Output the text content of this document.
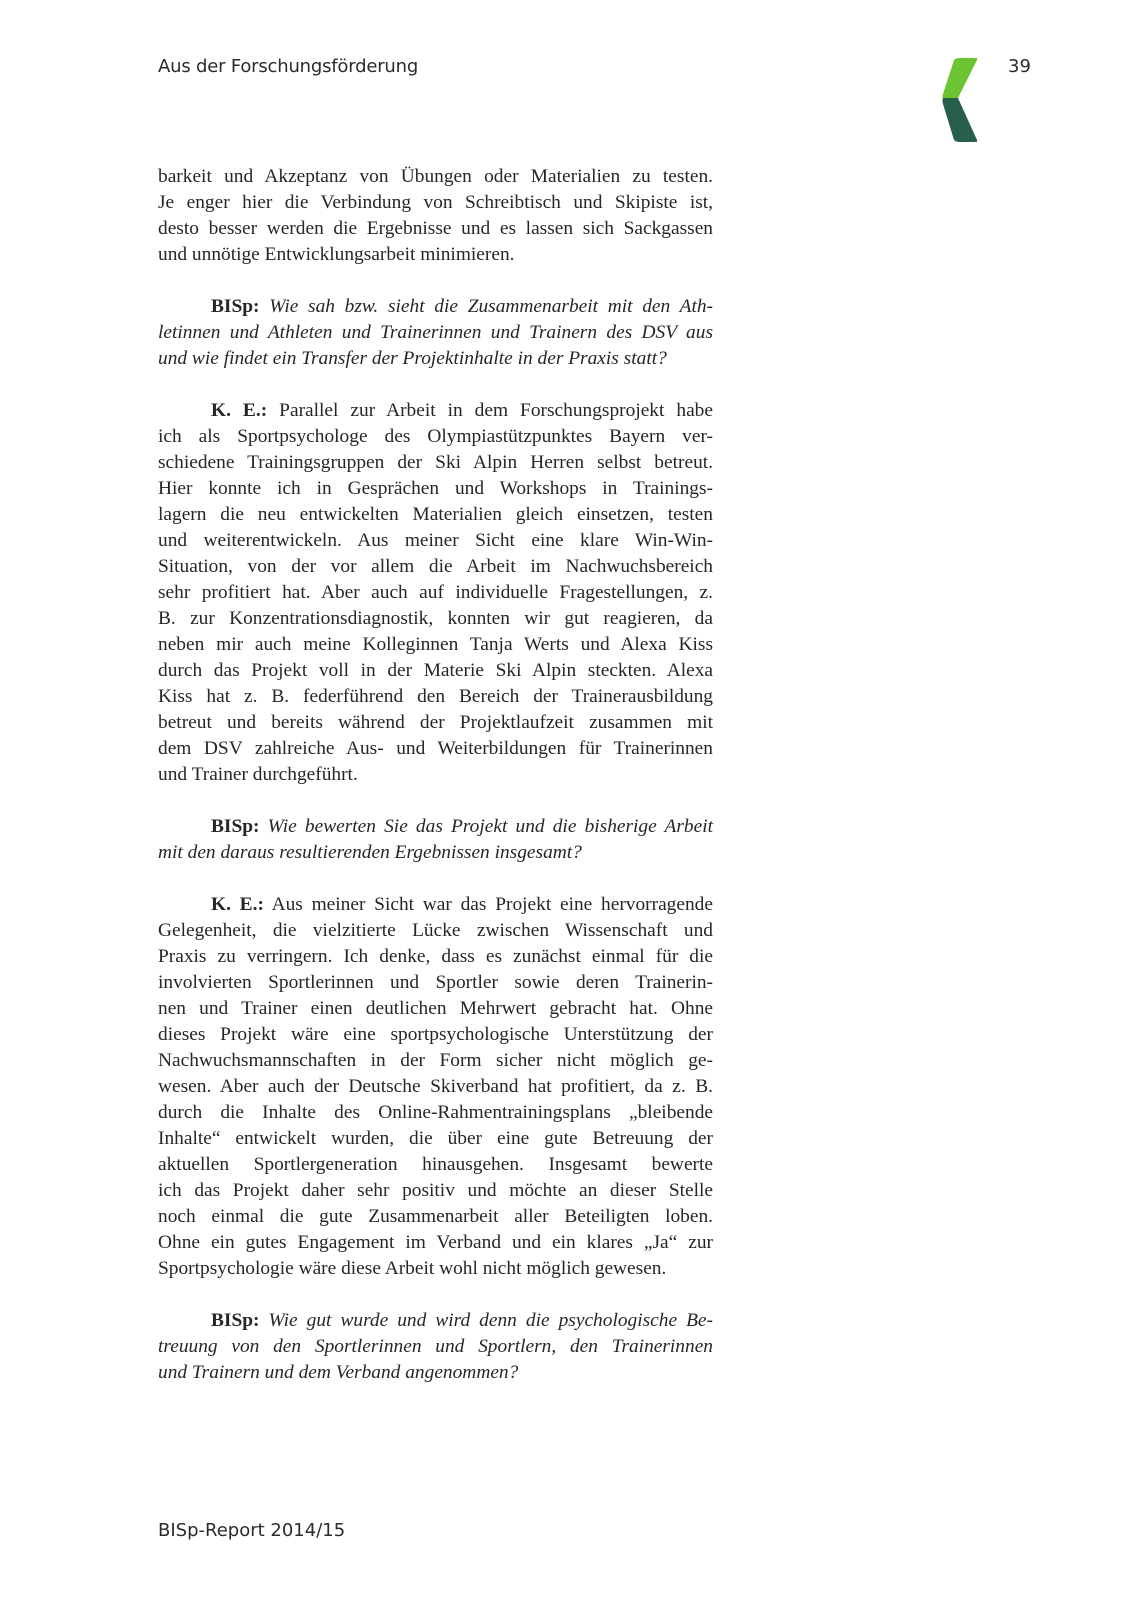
Aus der Forschungsförderung	39
barkeit und Akzeptanz von Übungen oder Materialien zu testen.
Je enger hier die Verbindung von Schreibtisch und Skipiste ist,
desto besser werden die Ergebnisse und es lassen sich Sackgassen
und unnötige Entwicklungsarbeit minimieren.
BISp: Wie sah bzw. sieht die Zusammenarbeit mit den Ath-
letinnen und Athleten und Trainerinnen und Trainern des DSV aus
und wie findet ein Transfer der Projektinhalte in der Praxis statt?
K. E.: Parallel zur Arbeit in dem Forschungsprojekt habe
ich als Sportpsychologe des Olympiastützpunktes Bayern ver-
schiedene Trainingsgruppen der Ski Alpin Herren selbst betreut.
Hier konnte ich in Gesprächen und Workshops in Trainings-
lagern die neu entwickelten Materialien gleich einsetzen, testen
und weiterentwickeln. Aus meiner Sicht eine klare Win-Win-
Situation, von der vor allem die Arbeit im Nachwuchsbereich
sehr profitiert hat. Aber auch auf individuelle Fragestellungen, z.
B. zur Konzentrationsdiagnostik, konnten wir gut reagieren, da
neben mir auch meine Kolleginnen Tanja Werts und Alexa Kiss
durch das Projekt voll in der Materie Ski Alpin steckten. Alexa
Kiss hat z. B. federführend den Bereich der Trainerausbildung
betreut und bereits während der Projektlaufzeit zusammen mit
dem DSV zahlreiche Aus- und Weiterbildungen für Trainerinnen
und Trainer durchgeführt.
BISp: Wie bewerten Sie das Projekt und die bisherige Arbeit
mit den daraus resultierenden Ergebnissen insgesamt?
K. E.: Aus meiner Sicht war das Projekt eine hervorragende
Gelegenheit, die vielzitierte Lücke zwischen Wissenschaft und
Praxis zu verringern. Ich denke, dass es zunächst einmal für die
involvierten Sportlerinnen und Sportler sowie deren Trainerin-
nen und Trainer einen deutlichen Mehrwert gebracht hat. Ohne
dieses Projekt wäre eine sportpsychologische Unterstützung der
Nachwuchsmannschaften in der Form sicher nicht möglich ge-
wesen. Aber auch der Deutsche Skiverband hat profitiert, da z. B.
durch die Inhalte des Online-Rahmentrainingsplans „bleibende
Inhalte“ entwickelt wurden, die über eine gute Betreuung der
aktuellen Sportlergeneration hinausgehen. Insgesamt bewerte
ich das Projekt daher sehr positiv und möchte an dieser Stelle
noch einmal die gute Zusammenarbeit aller Beteiligten loben.
Ohne ein gutes Engagement im Verband und ein klares „Ja“ zur
Sportpsychologie wäre diese Arbeit wohl nicht möglich gewesen.
BISp: Wie gut wurde und wird denn die psychologische Be-
treuung von den Sportlerinnen und Sportlern, den Trainerinnen
und Trainern und dem Verband angenommen?
BISp-Report 2014/15
